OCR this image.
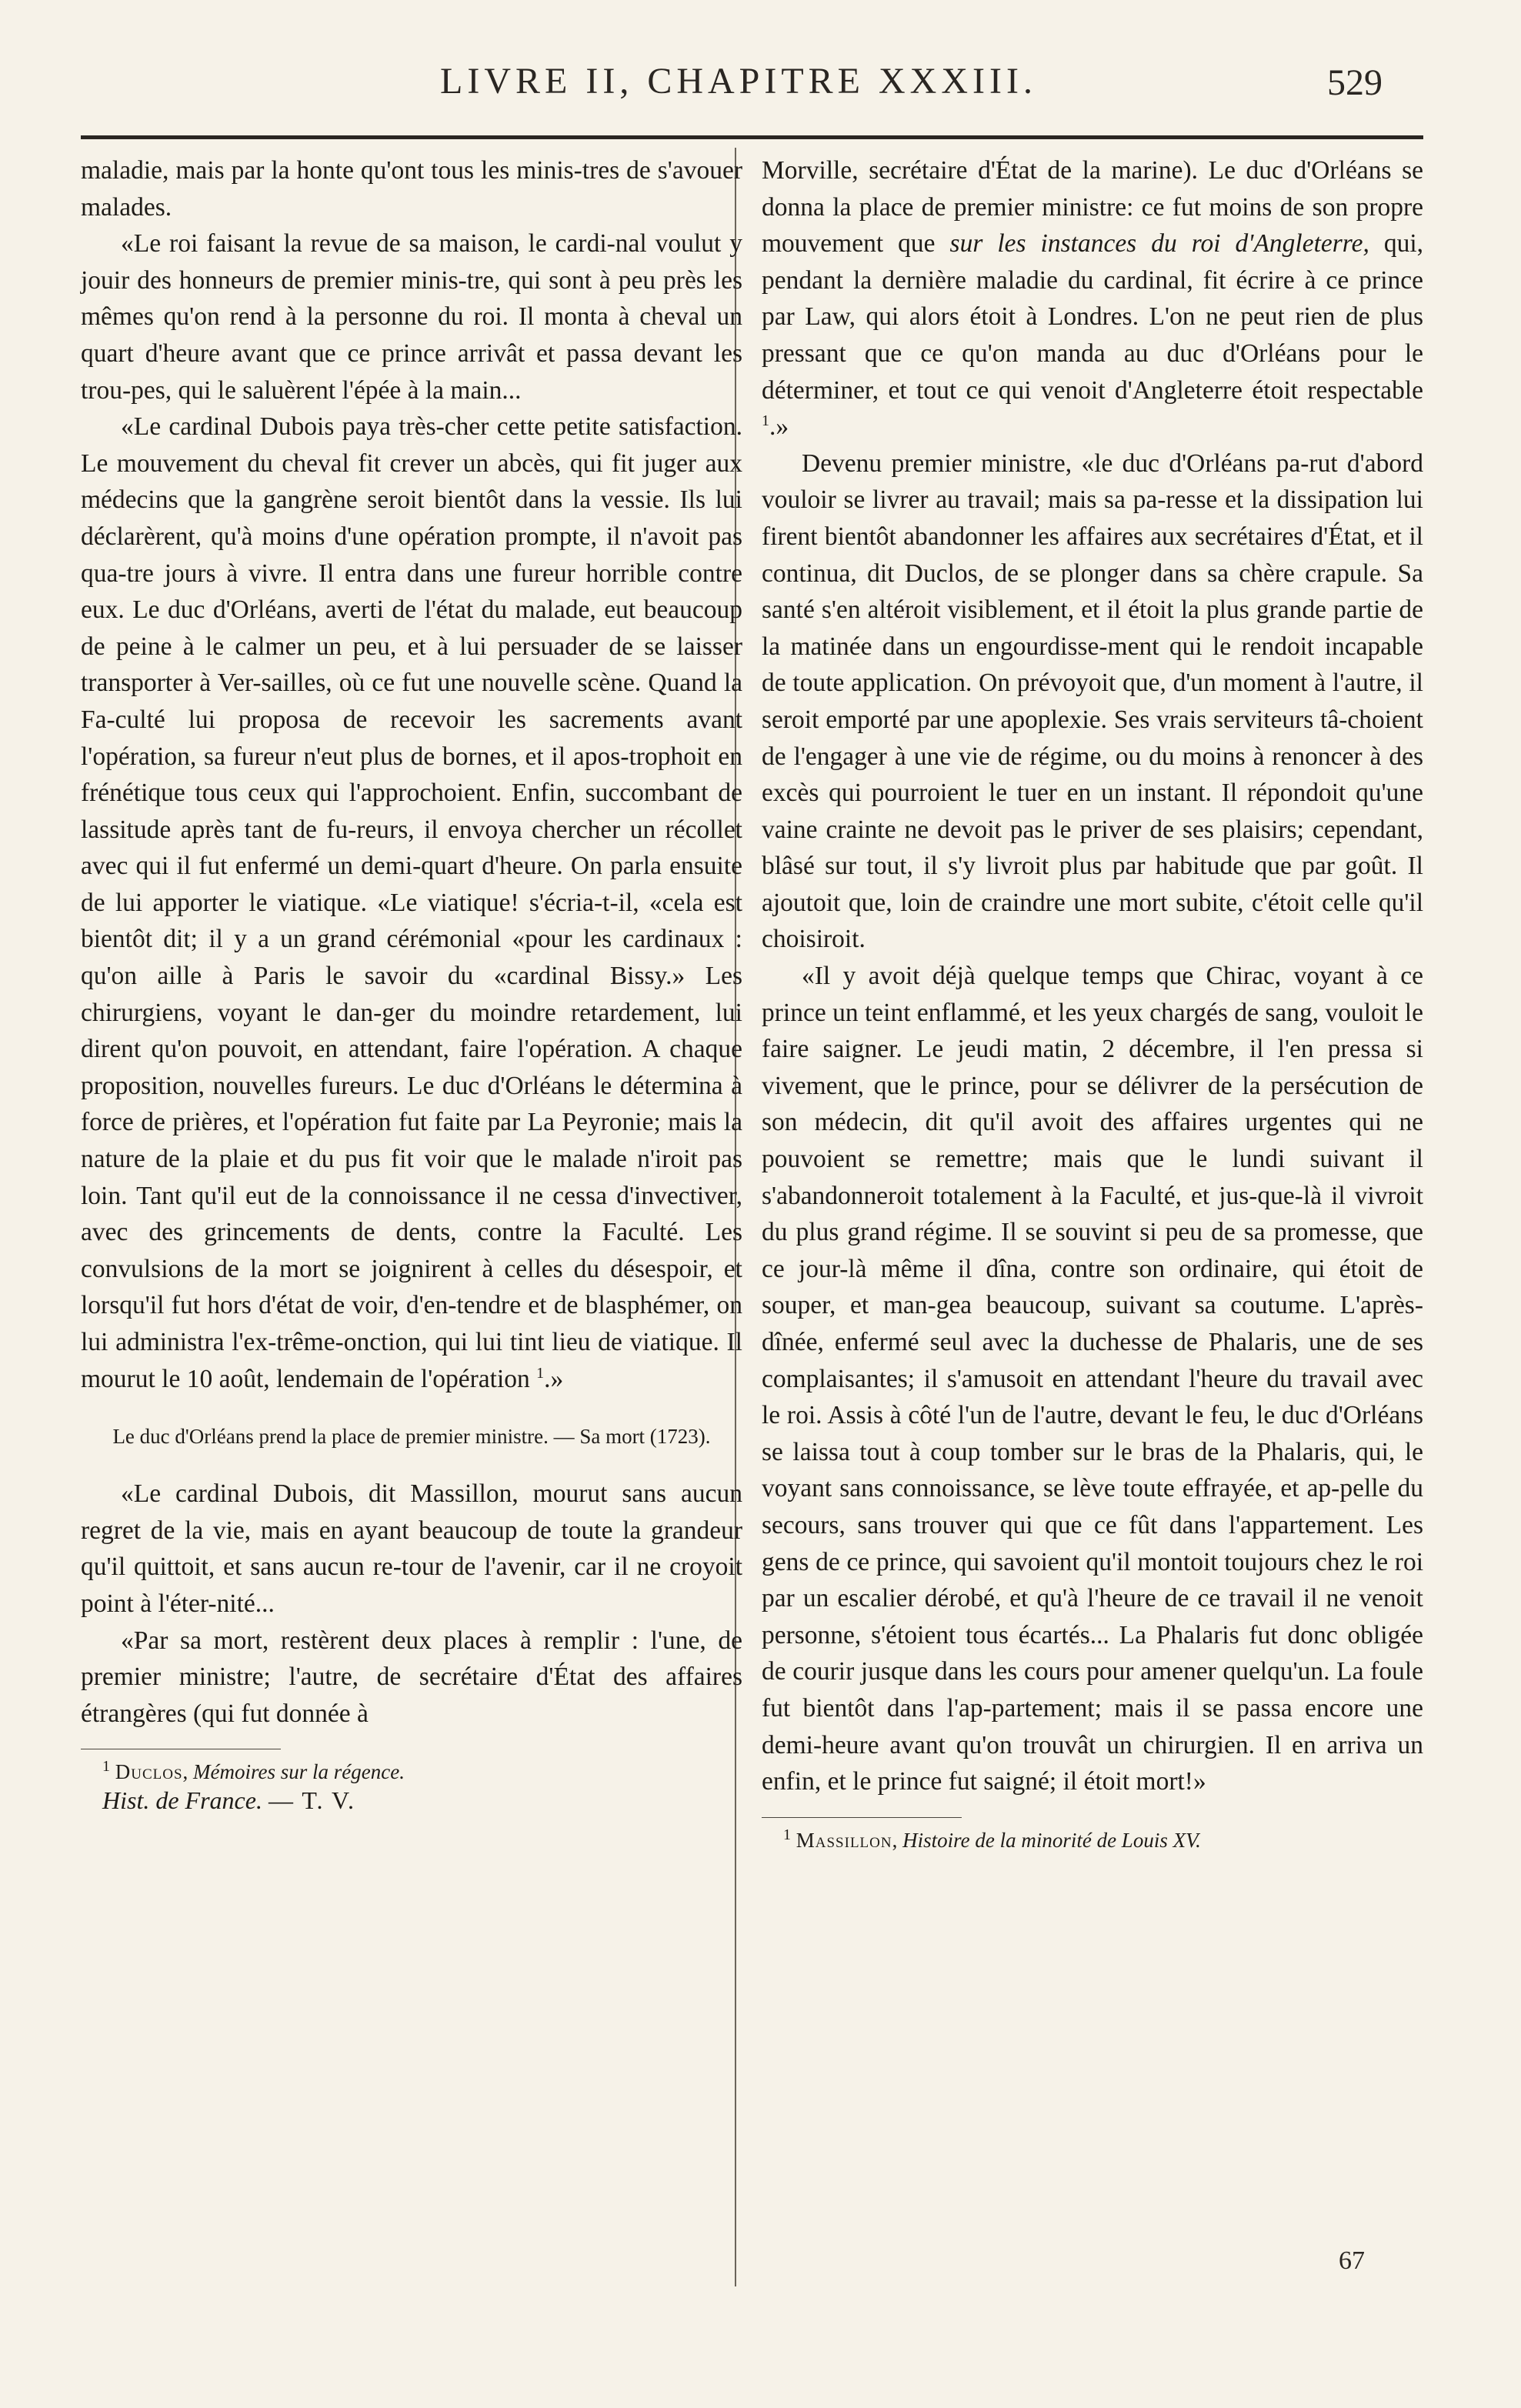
LIVRE II, CHAPITRE XXXIII.	529

maladie, mais par la honte qu'ont tous les minis-tres de s'avouer malades.

«Le roi faisant la revue de sa maison, le cardi-nal voulut y jouir des honneurs de premier minis-tre, qui sont à peu près les mêmes qu'on rend à la personne du roi. Il monta à cheval un quart d'heure avant que ce prince arrivât et passa devant les trou-pes, qui le saluèrent l'épée à la main...

«Le cardinal Dubois paya très-cher cette petite satisfaction. Le mouvement du cheval fit crever un abcès, qui fit juger aux médecins que la gangrène seroit bientôt dans la vessie. Ils lui déclarèrent, qu'à moins d'une opération prompte, il n'avoit pas qua-tre jours à vivre. Il entra dans une fureur horrible contre eux. Le duc d'Orléans, averti de l'état du malade, eut beaucoup de peine à le calmer un peu, et à lui persuader de se laisser transporter à Ver-sailles, où ce fut une nouvelle scène. Quand la Fa-culté lui proposa de recevoir les sacrements avant l'opération, sa fureur n'eut plus de bornes, et il apos-trophoit en frénétique tous ceux qui l'approchoient. Enfin, succombant de lassitude après tant de fu-reurs, il envoya chercher un récollet avec qui il fut enfermé un demi-quart d'heure. On parla ensuite de lui apporter le viatique. «Le viatique! s'écria-t-il, «cela est bientôt dit; il y a un grand cérémonial «pour les cardinaux : qu'on aille à Paris le savoir du «cardinal Bissy.» Les chirurgiens, voyant le dan-ger du moindre retardement, lui dirent qu'on pouvoit, en attendant, faire l'opération. A chaque proposition, nouvelles fureurs. Le duc d'Orléans le détermina à force de prières, et l'opération fut faite par La Peyronie; mais la nature de la plaie et du pus fit voir que le malade n'iroit pas loin. Tant qu'il eut de la connoissance il ne cessa d'invectiver, avec des grincements de dents, contre la Faculté. Les convulsions de la mort se joignirent à celles du désespoir, et lorsqu'il fut hors d'état de voir, d'en-tendre et de blasphémer, on lui administra l'ex-trême-onction, qui lui tint lieu de viatique. Il mourut le 10 août, lendemain de l'opération $^1$.»

Le duc d'Orléans prend la place de premier ministre. — Sa mort (1723).

«Le cardinal Dubois, dit Massillon, mourut sans aucun regret de la vie, mais en ayant beaucoup de toute la grandeur qu'il quittoit, et sans aucun re-tour de l'avenir, car il ne croyoit point à l'éter-nité...

«Par sa mort, restèrent deux places à remplir : l'une, de premier ministre; l'autre, de secrétaire d'État des affaires étrangères (qui fut donnée à

$^1$ Duclos, Mémoires sur la régence.

Hist. de France. — T. V.

Morville, secrétaire d'État de la marine). Le duc d'Orléans se donna la place de premier ministre: ce fut moins de son propre mouvement que sur les instances du roi d'Angleterre, qui, pendant la dernière maladie du cardinal, fit écrire à ce prince par Law, qui alors étoit à Londres. L'on ne peut rien de plus pressant que ce qu'on manda au duc d'Orléans pour le déterminer, et tout ce qui venoit d'Angleterre étoit respectable $^1$.»

Devenu premier ministre, «le duc d'Orléans pa-rut d'abord vouloir se livrer au travail; mais sa pa-resse et la dissipation lui firent bientôt abandonner les affaires aux secrétaires d'État, et il continua, dit Duclos, de se plonger dans sa chère crapule. Sa santé s'en altéroit visiblement, et il étoit la plus grande partie de la matinée dans un engourdisse-ment qui le rendoit incapable de toute application. On prévoyoit que, d'un moment à l'autre, il seroit emporté par une apoplexie. Ses vrais serviteurs tâ-choient de l'engager à une vie de régime, ou du moins à renoncer à des excès qui pourroient le tuer en un instant. Il répondoit qu'une vaine crainte ne devoit pas le priver de ses plaisirs; cependant, blâsé sur tout, il s'y livroit plus par habitude que par goût. Il ajoutoit que, loin de craindre une mort subite, c'étoit celle qu'il choisiroit.

«Il y avoit déjà quelque temps que Chirac, voyant à ce prince un teint enflammé, et les yeux chargés de sang, vouloit le faire saigner. Le jeudi matin, 2 décembre, il l'en pressa si vivement, que le prince, pour se délivrer de la persécution de son médecin, dit qu'il avoit des affaires urgentes qui ne pouvoient se remettre; mais que le lundi suivant il s'abandonneroit totalement à la Faculté, et jus-que-là il vivroit du plus grand régime. Il se souvint si peu de sa promesse, que ce jour-là même il dîna, contre son ordinaire, qui étoit de souper, et man-gea beaucoup, suivant sa coutume. L'après-dînée, enfermé seul avec la duchesse de Phalaris, une de ses complaisantes; il s'amusoit en attendant l'heure du travail avec le roi. Assis à côté l'un de l'autre, devant le feu, le duc d'Orléans se laissa tout à coup tomber sur le bras de la Phalaris, qui, le voyant sans connoissance, se lève toute effrayée, et ap-pelle du secours, sans trouver qui que ce fût dans l'appartement. Les gens de ce prince, qui savoient qu'il montoit toujours chez le roi par un escalier dérobé, et qu'à l'heure de ce travail il ne venoit personne, s'étoient tous écartés... La Phalaris fut donc obligée de courir jusque dans les cours pour amener quelqu'un. La foule fut bientôt dans l'ap-partement; mais il se passa encore une demi-heure avant qu'on trouvât un chirurgien. Il en arriva un enfin, et le prince fut saigné; il étoit mort!»

$^1$ Massillon, Histoire de la minorité de Louis XV.

67
